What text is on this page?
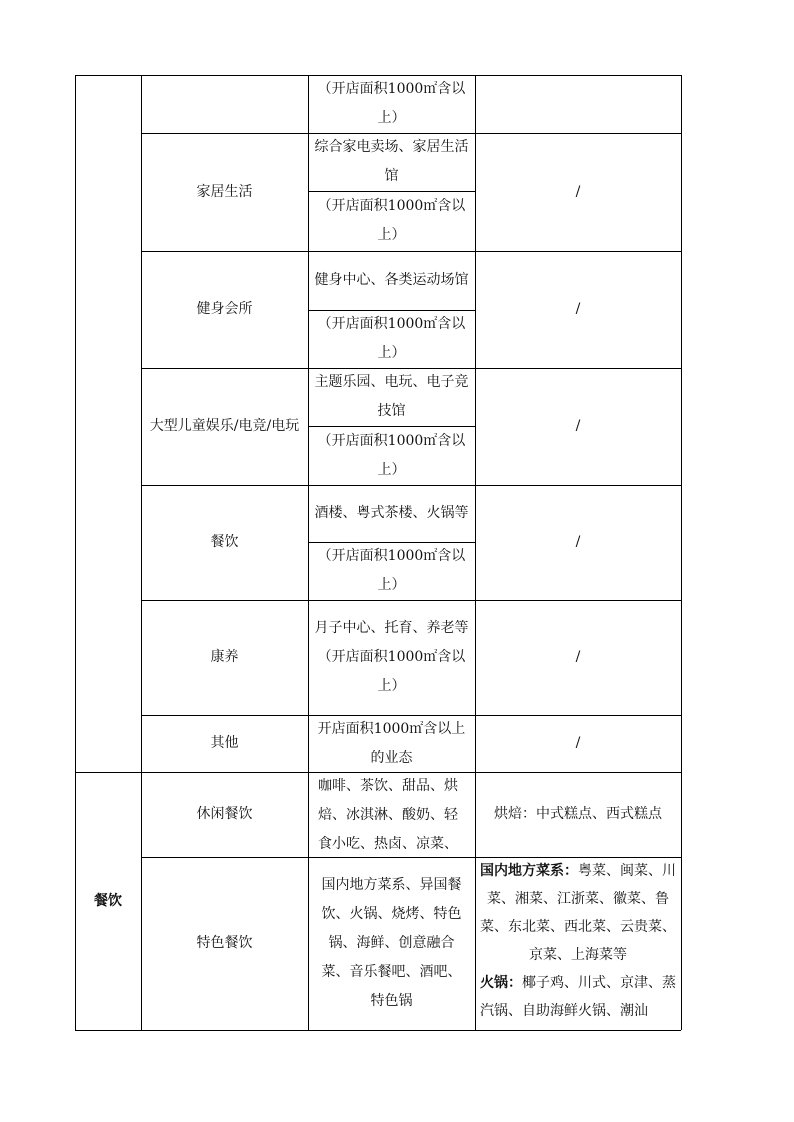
（开店面积1000㎡含以上）
家居生活
综合家电卖场、家居生活馆
（开店面积1000㎡含以上）
/
健身会所
健身中心、各类运动场馆
（开店面积1000㎡含以上）
/
大型儿童娱乐/电竞/电玩
主题乐园、电玩、电子竞技馆
（开店面积1000㎡含以上）
/
餐饮
酒楼、粤式茶楼、火锅等
（开店面积1000㎡含以上）
/
康养
月子中心、托育、养老等
（开店面积1000㎡含以上）
/
其他
开店面积1000㎡含以上的业态
/
餐饮
休闲餐饮
咖啡、茶饮、甜品、烘焙、冰淇淋、酸奶、轻食小吃、热卤、凉菜、
烘焙：中式糕点、西式糕点
特色餐饮
国内地方菜系、异国餐饮、火锅、烧烤、特色锅、海鲜、创意融合菜、音乐餐吧、酒吧、特色锅
国内地方菜系：粤菜、闽菜、川菜、湘菜、江浙菜、徽菜、鲁菜、东北菜、西北菜、云贵菜、京菜、上海菜等
火锅：椰子鸡、川式、京津、蒸汽锅、自助海鲜火锅、潮汕
